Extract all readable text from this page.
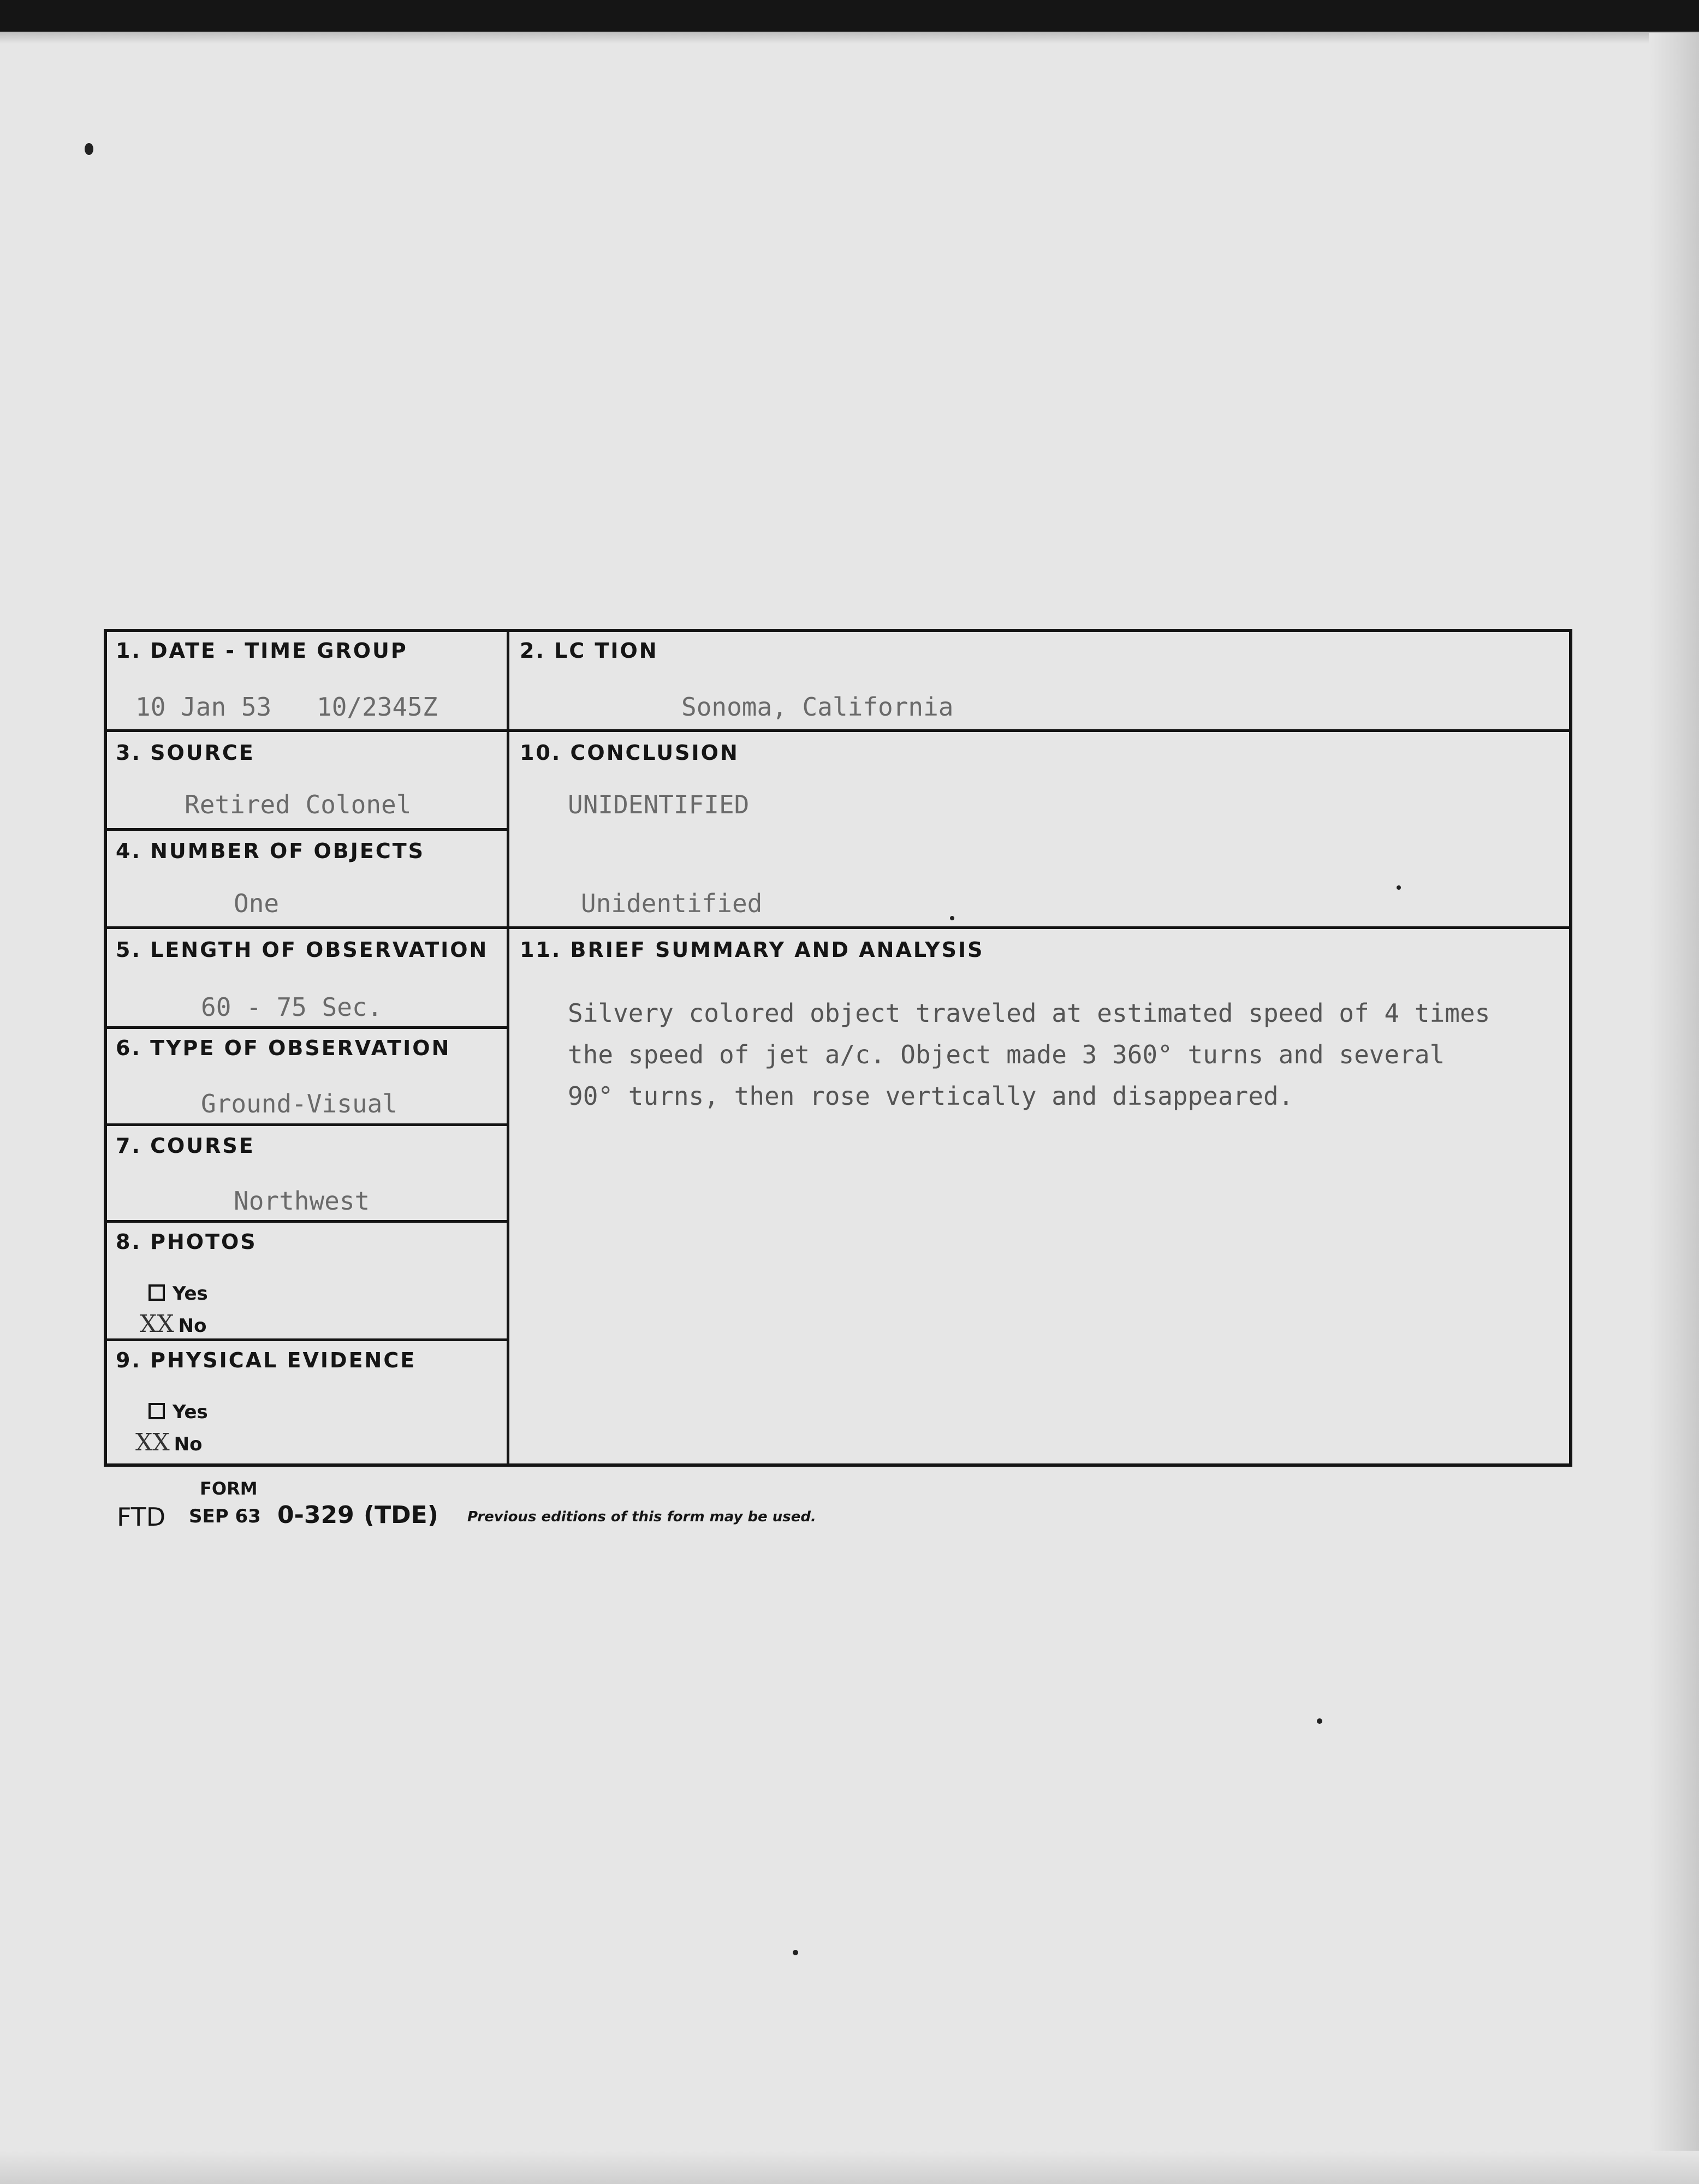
1. DATE - TIME GROUP
10 Jan 53 10/2345Z
2. LC TION
Sonoma, California
3. SOURCE
Retired Colonel
4. NUMBER OF OBJECTS
One
10. CONCLUSION
UNIDENTIFIED
Unidentified
5. LENGTH OF OBSERVATION
60 - 75 Sec.
11. BRIEF SUMMARY AND ANALYSIS
Silvery colored object traveled at estimated speed of 4 times
the speed of jet a/c. Object made 3 360° turns and several
90° turns, then rose vertically and disappeared.
6. TYPE OF OBSERVATION
Ground-Visual
7. COURSE
Northwest
8. PHOTOS
Yes
XX No
9. PHYSICAL EVIDENCE
Yes
XX No
FORM
FTD SEP 63 0-329 (TDE) Previous editions of this form may be used.
